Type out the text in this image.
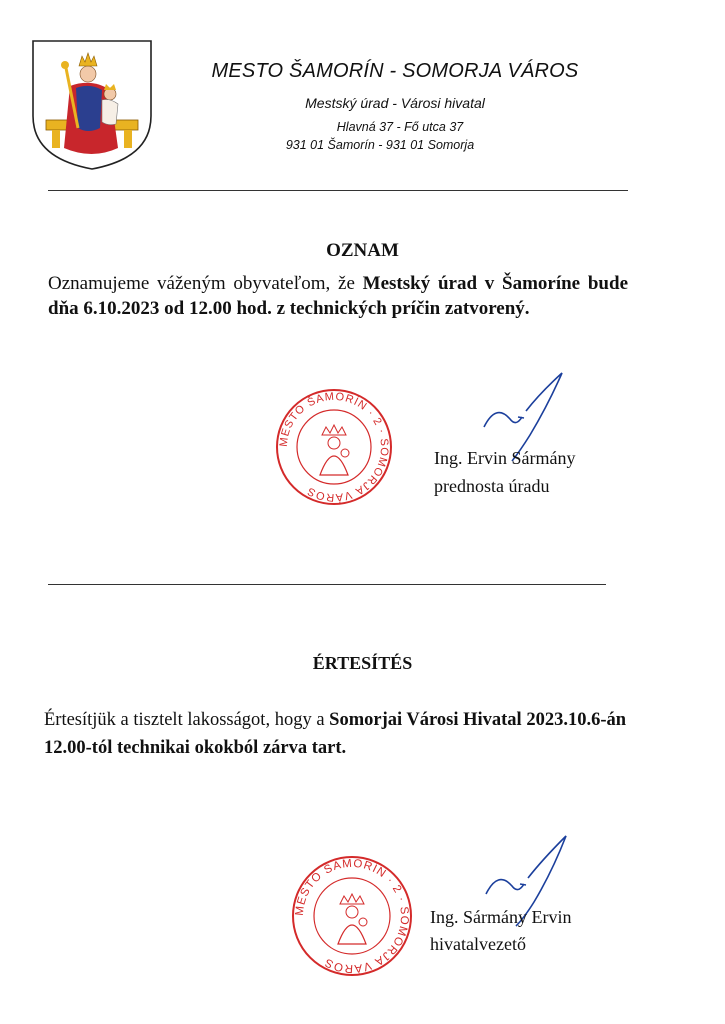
MESTO ŠAMORÍN - SOMORJA VÁROS
Mestský úrad - Városi hivatal
Hlavná 37 - Fő utca 37
931 01 Šamorín - 931 01 Somorja
OZNAM
Oznamujeme váženým obyvateľom, že Mestský úrad v Šamoríne bude dňa 6.10.2023 od 12.00 hod. z technických príčin zatvorený.
MESTO ŠAMORÍN · 2 · SOMORJA VÁROS
Ing. Ervin Sármány
prednosta úradu
ÉRTESÍTÉS
Értesítjük a tisztelt lakosságot, hogy a Somorjai Városi Hivatal 2023.10.6-án 12.00-tól technikai okokból zárva tart.
MESTO ŠAMORÍN · 2 · SOMORJA VÁROS
Ing. Sármány Ervin
hivatalvezető
